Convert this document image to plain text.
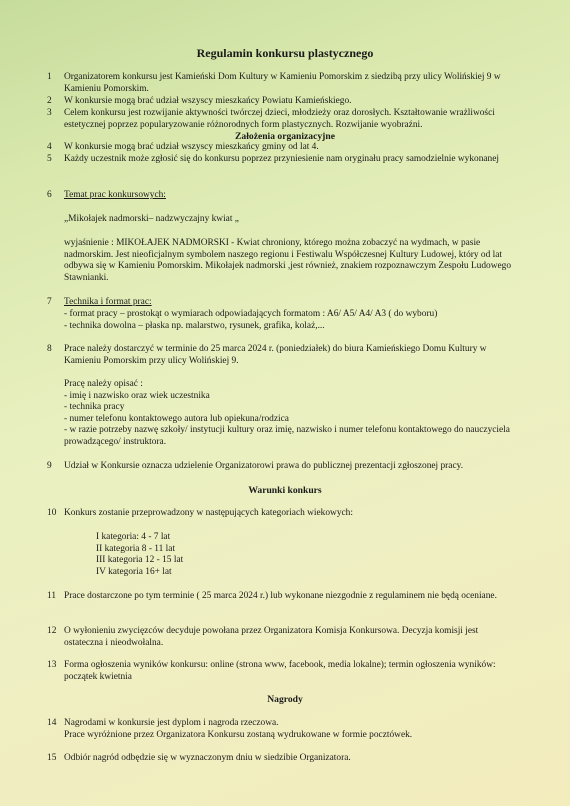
Regulamin konkursu plastycznego
1 Organizatorem konkursu jest Kamieński Dom Kultury w Kamieniu Pomorskim z siedzibą przy ulicy Wolińskiej 9 w Kamieniu Pomorskim.

2 W konkursie mogą brać udział wszyscy mieszkańcy Powiatu Kamieńskiego.

3 Celem konkursu jest rozwijanie aktywności twórczej dzieci, młodzieży oraz dorosłych. Kształtowanie wrażliwości estetycznej poprzez popularyzowanie różnorodnych form plastycznych. Rozwijanie wyobraźni.

Założenia organizacyjne
4 W konkursie mogą brać udział wszyscy mieszkańcy gminy od lat 4.

5 Każdy uczestnik może zgłosić się do konkursu poprzez przyniesienie nam oryginału pracy samodzielnie wykonanej

6 Temat prac konkursowych:

„Mikołajek nadmorski– nadzwyczajny kwiat „

wyjaśnienie : MIKOŁAJEK NADMORSKI - Kwiat chroniony, którego można zobaczyć na wydmach, w pasie nadmorskim. Jest nieoficjalnym symbolem naszego regionu i Festiwalu Współczesnej Kultury Ludowej, który od lat odbywa się w Kamieniu Pomorskim. Mikołajek nadmorski ,jest również, znakiem rozpoznawczym Zespołu Ludowego Stawnianki.

7 Technika i format prac:

- format pracy – prostokąt o wymiarach odpowiadających formatom : A6/ A5/ A4/ A3 ( do wyboru)

- technika dowolna – płaska np. malarstwo, rysunek, grafika, kolaż,...

8 Prace należy dostarczyć w terminie do 25 marca 2024 r. (poniedziałek) do biura Kamieńskiego Domu Kultury w Kamieniu Pomorskim przy ulicy Wolińskiej 9.

Pracę należy opisać :

- imię i nazwisko oraz wiek uczestnika

- technika pracy

- numer telefonu kontaktowego autora lub opiekuna/rodzica

- w razie potrzeby nazwę szkoły/ instytucji kultury oraz imię, nazwisko i numer telefonu kontaktowego do nauczyciela prowadzącego/ instruktora.

9 Udział w Konkursie oznacza udzielenie Organizatorowi prawa do publicznej prezentacji zgłoszonej pracy.

Warunki konkurs
10 Konkurs zostanie przeprowadzony w następujących kategoriach wiekowych:

I kategoria: 4 - 7 lat

II kategoria 8 - 11 lat

III kategoria 12 - 15 lat

IV kategoria 16+ lat

11 Prace dostarczone po tym terminie ( 25 marca 2024 r.) lub wykonane niezgodnie z regulaminem nie będą oceniane.

12 O wyłonieniu zwycięzców decyduje powołana przez Organizatora Komisja Konkursowa. Decyzja komisji jest ostateczna i nieodwołalna.

13 Forma ogłoszenia wyników konkursu: online (strona www, facebook, media lokalne); termin ogłoszenia wyników: początek kwietnia

Nagrody
14 Nagrodami w konkursie jest dyplom i nagroda rzeczowa.

Prace wyróżnione przez Organizatora Konkursu zostaną wydrukowane w formie pocztówek.

15 Odbiór nagród odbędzie się w wyznaczonym dniu w siedzibie Organizatora.
